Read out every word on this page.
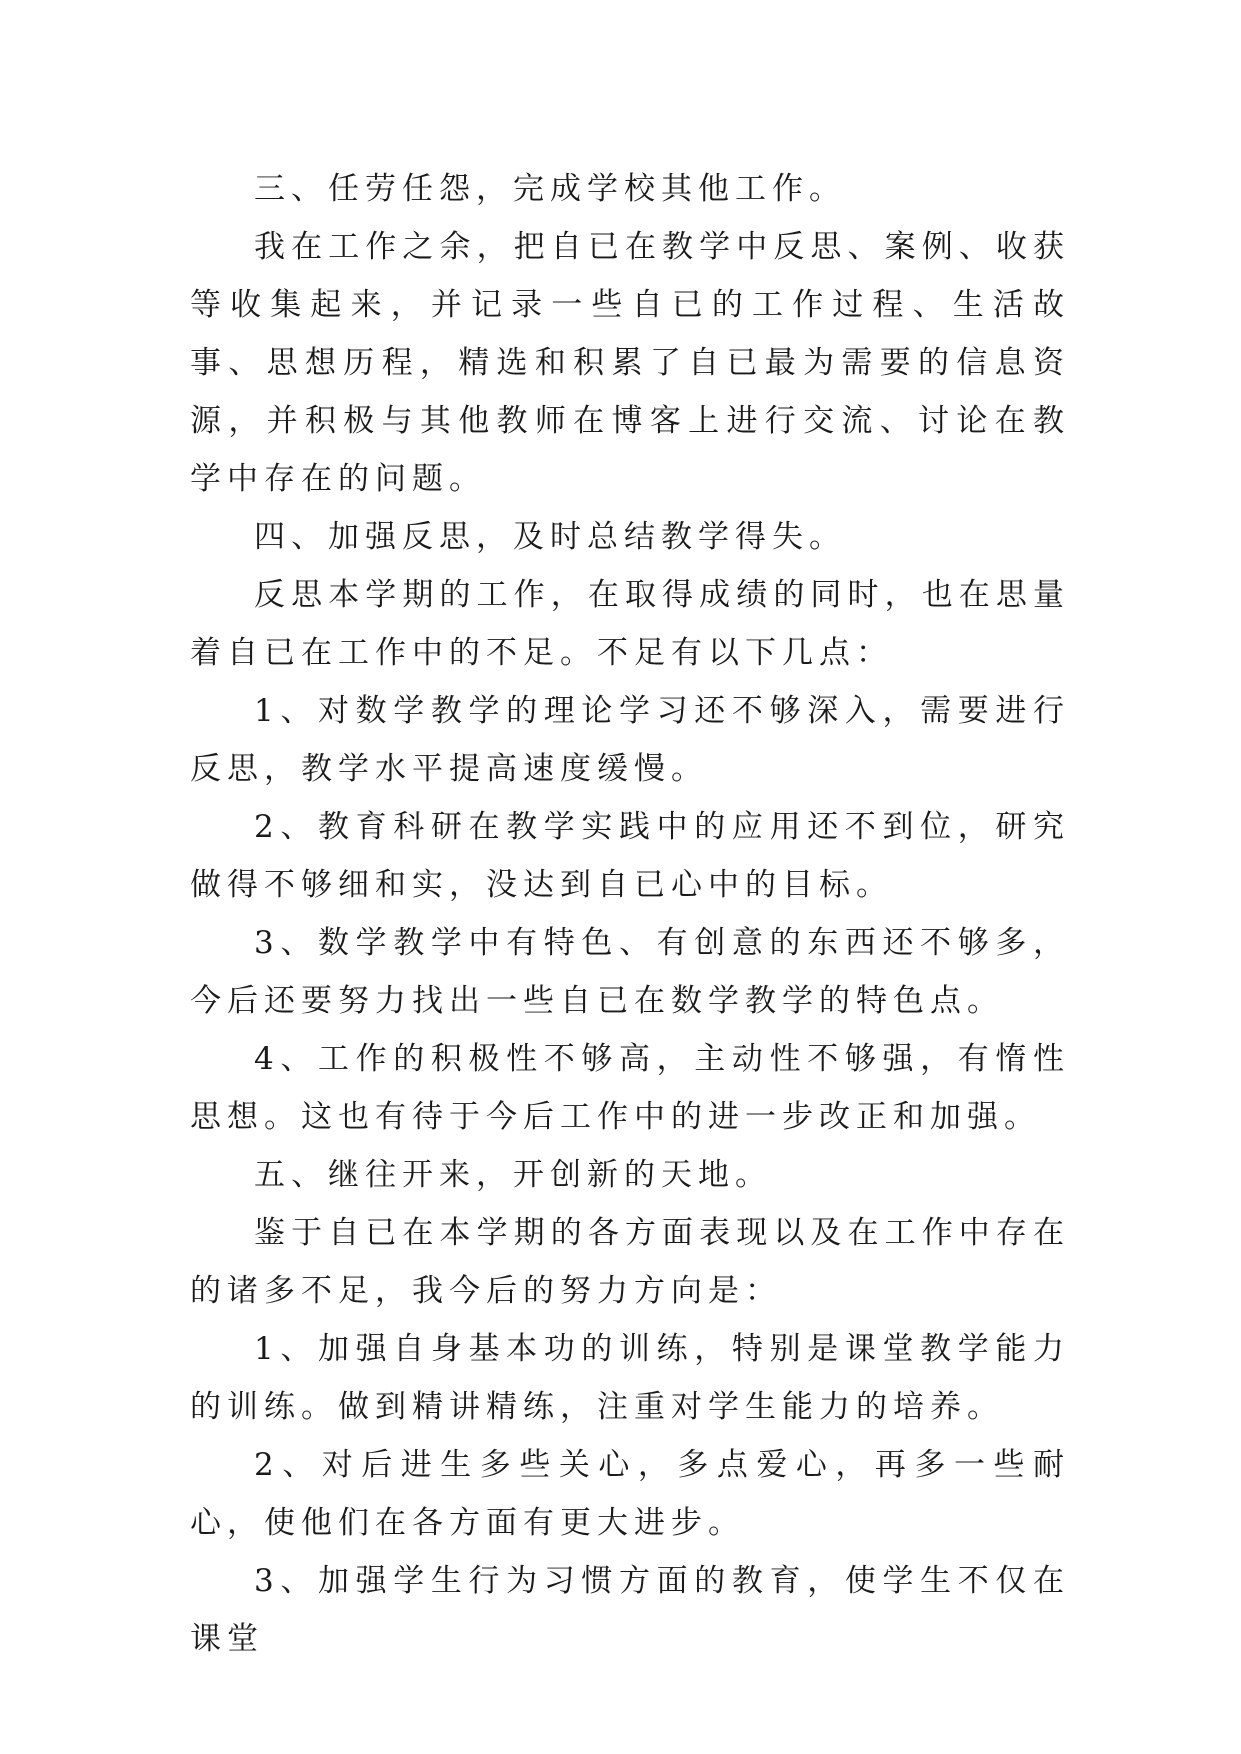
三、任劳任怨，完成学校其他工作。

我在工作之余，把自已在教学中反思、案例、收获等收集起来，并记录一些自已的工作过程、生活故事、思想历程，精选和积累了自已最为需要的信息资源，并积极与其他教师在博客上进行交流、讨论在教学中存在的问题。

四、加强反思，及时总结教学得失。

反思本学期的工作，在取得成绩的同时，也在思量着自已在工作中的不足。不足有以下几点：

1、对数学教学的理论学习还不够深入，需要进行反思，教学水平提高速度缓慢。

2、教育科研在教学实践中的应用还不到位，研究做得不够细和实，没达到自已心中的目标。

3、数学教学中有特色、有创意的东西还不够多，今后还要努力找出一些自已在数学教学的特色点。

4、工作的积极性不够高，主动性不够强，有惰性思想。这也有待于今后工作中的进一步改正和加强。

五、继往开来，开创新的天地。

鉴于自已在本学期的各方面表现以及在工作中存在的诸多不足，我今后的努力方向是：

1、加强自身基本功的训练，特别是课堂教学能力的训练。做到精讲精练，注重对学生能力的培养。

2、对后进生多些关心，多点爱心，再多一些耐心，使他们在各方面有更大进步。

3、加强学生行为习惯方面的教育，使学生不仅在课堂
